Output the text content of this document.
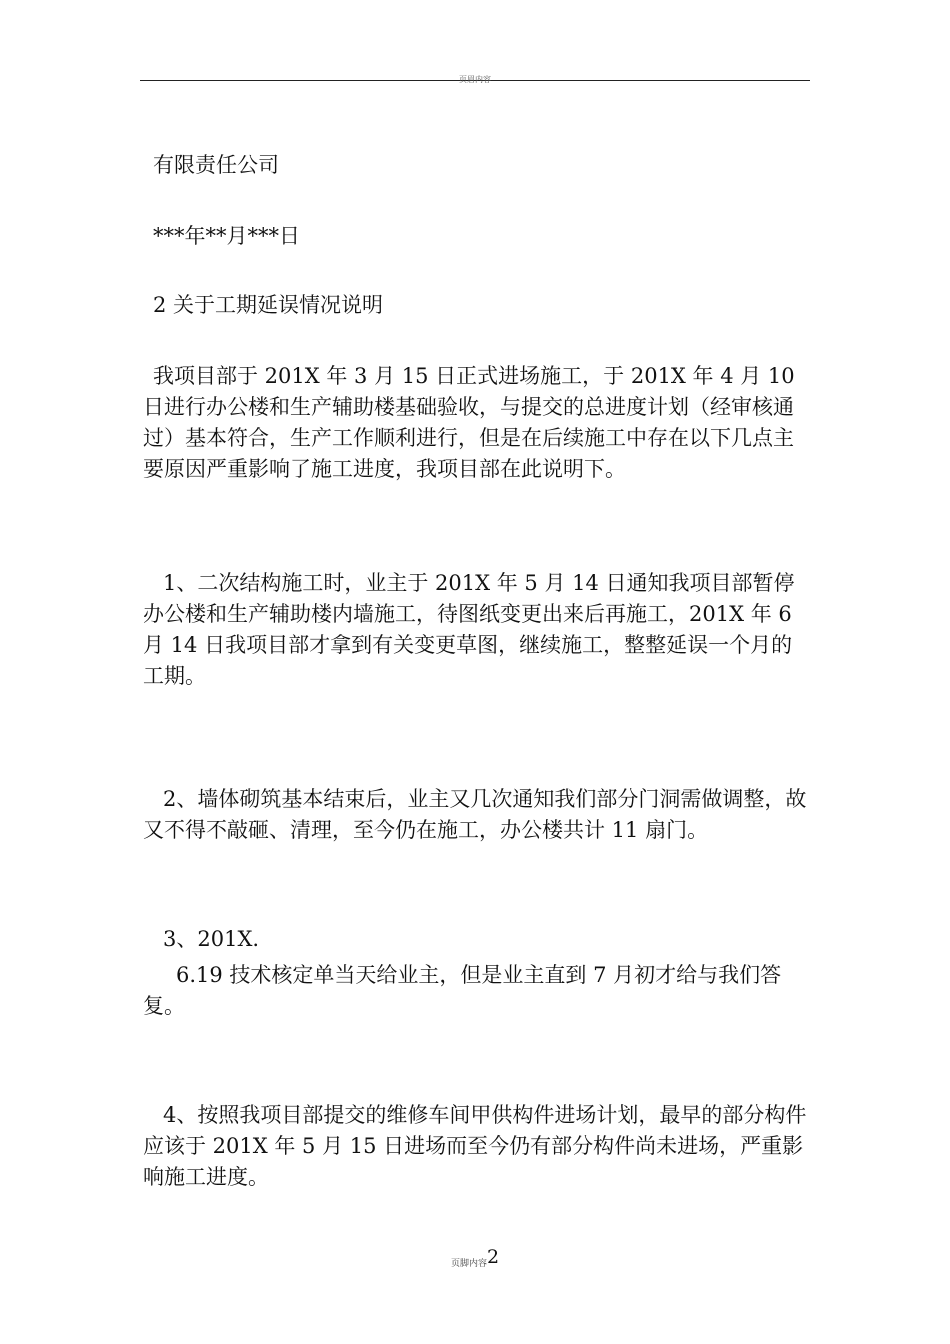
页眉内容

有限责任公司

***年**月***日

2 关于工期延误情况说明

我项目部于 201X 年 3 月 15 日正式进场施工，于 201X 年 4 月 10 日进行办公楼和生产辅助楼基础验收，与提交的总进度计划（经审核通过）基本符合，生产工作顺利进行，但是在后续施工中存在以下几点主要原因严重影响了施工进度，我项目部在此说明下。

1、二次结构施工时，业主于 201X 年 5 月 14 日通知我项目部暂停办公楼和生产辅助楼内墙施工，待图纸变更出来后再施工，201X 年 6 月 14 日我项目部才拿到有关变更草图，继续施工，整整延误一个月的工期。

2、墙体砌筑基本结束后，业主又几次通知我们部分门洞需做调整，故又不得不敲砸、清理，至今仍在施工，办公楼共计 11 扇门。

3、201X.

6.19 技术核定单当天给业主，但是业主直到 7 月初才给与我们答复。

4、按照我项目部提交的维修车间甲供构件进场计划，最早的部分构件应该于 201X 年 5 月 15 日进场而至今仍有部分构件尚未进场，严重影响施工进度。

页脚内容2
